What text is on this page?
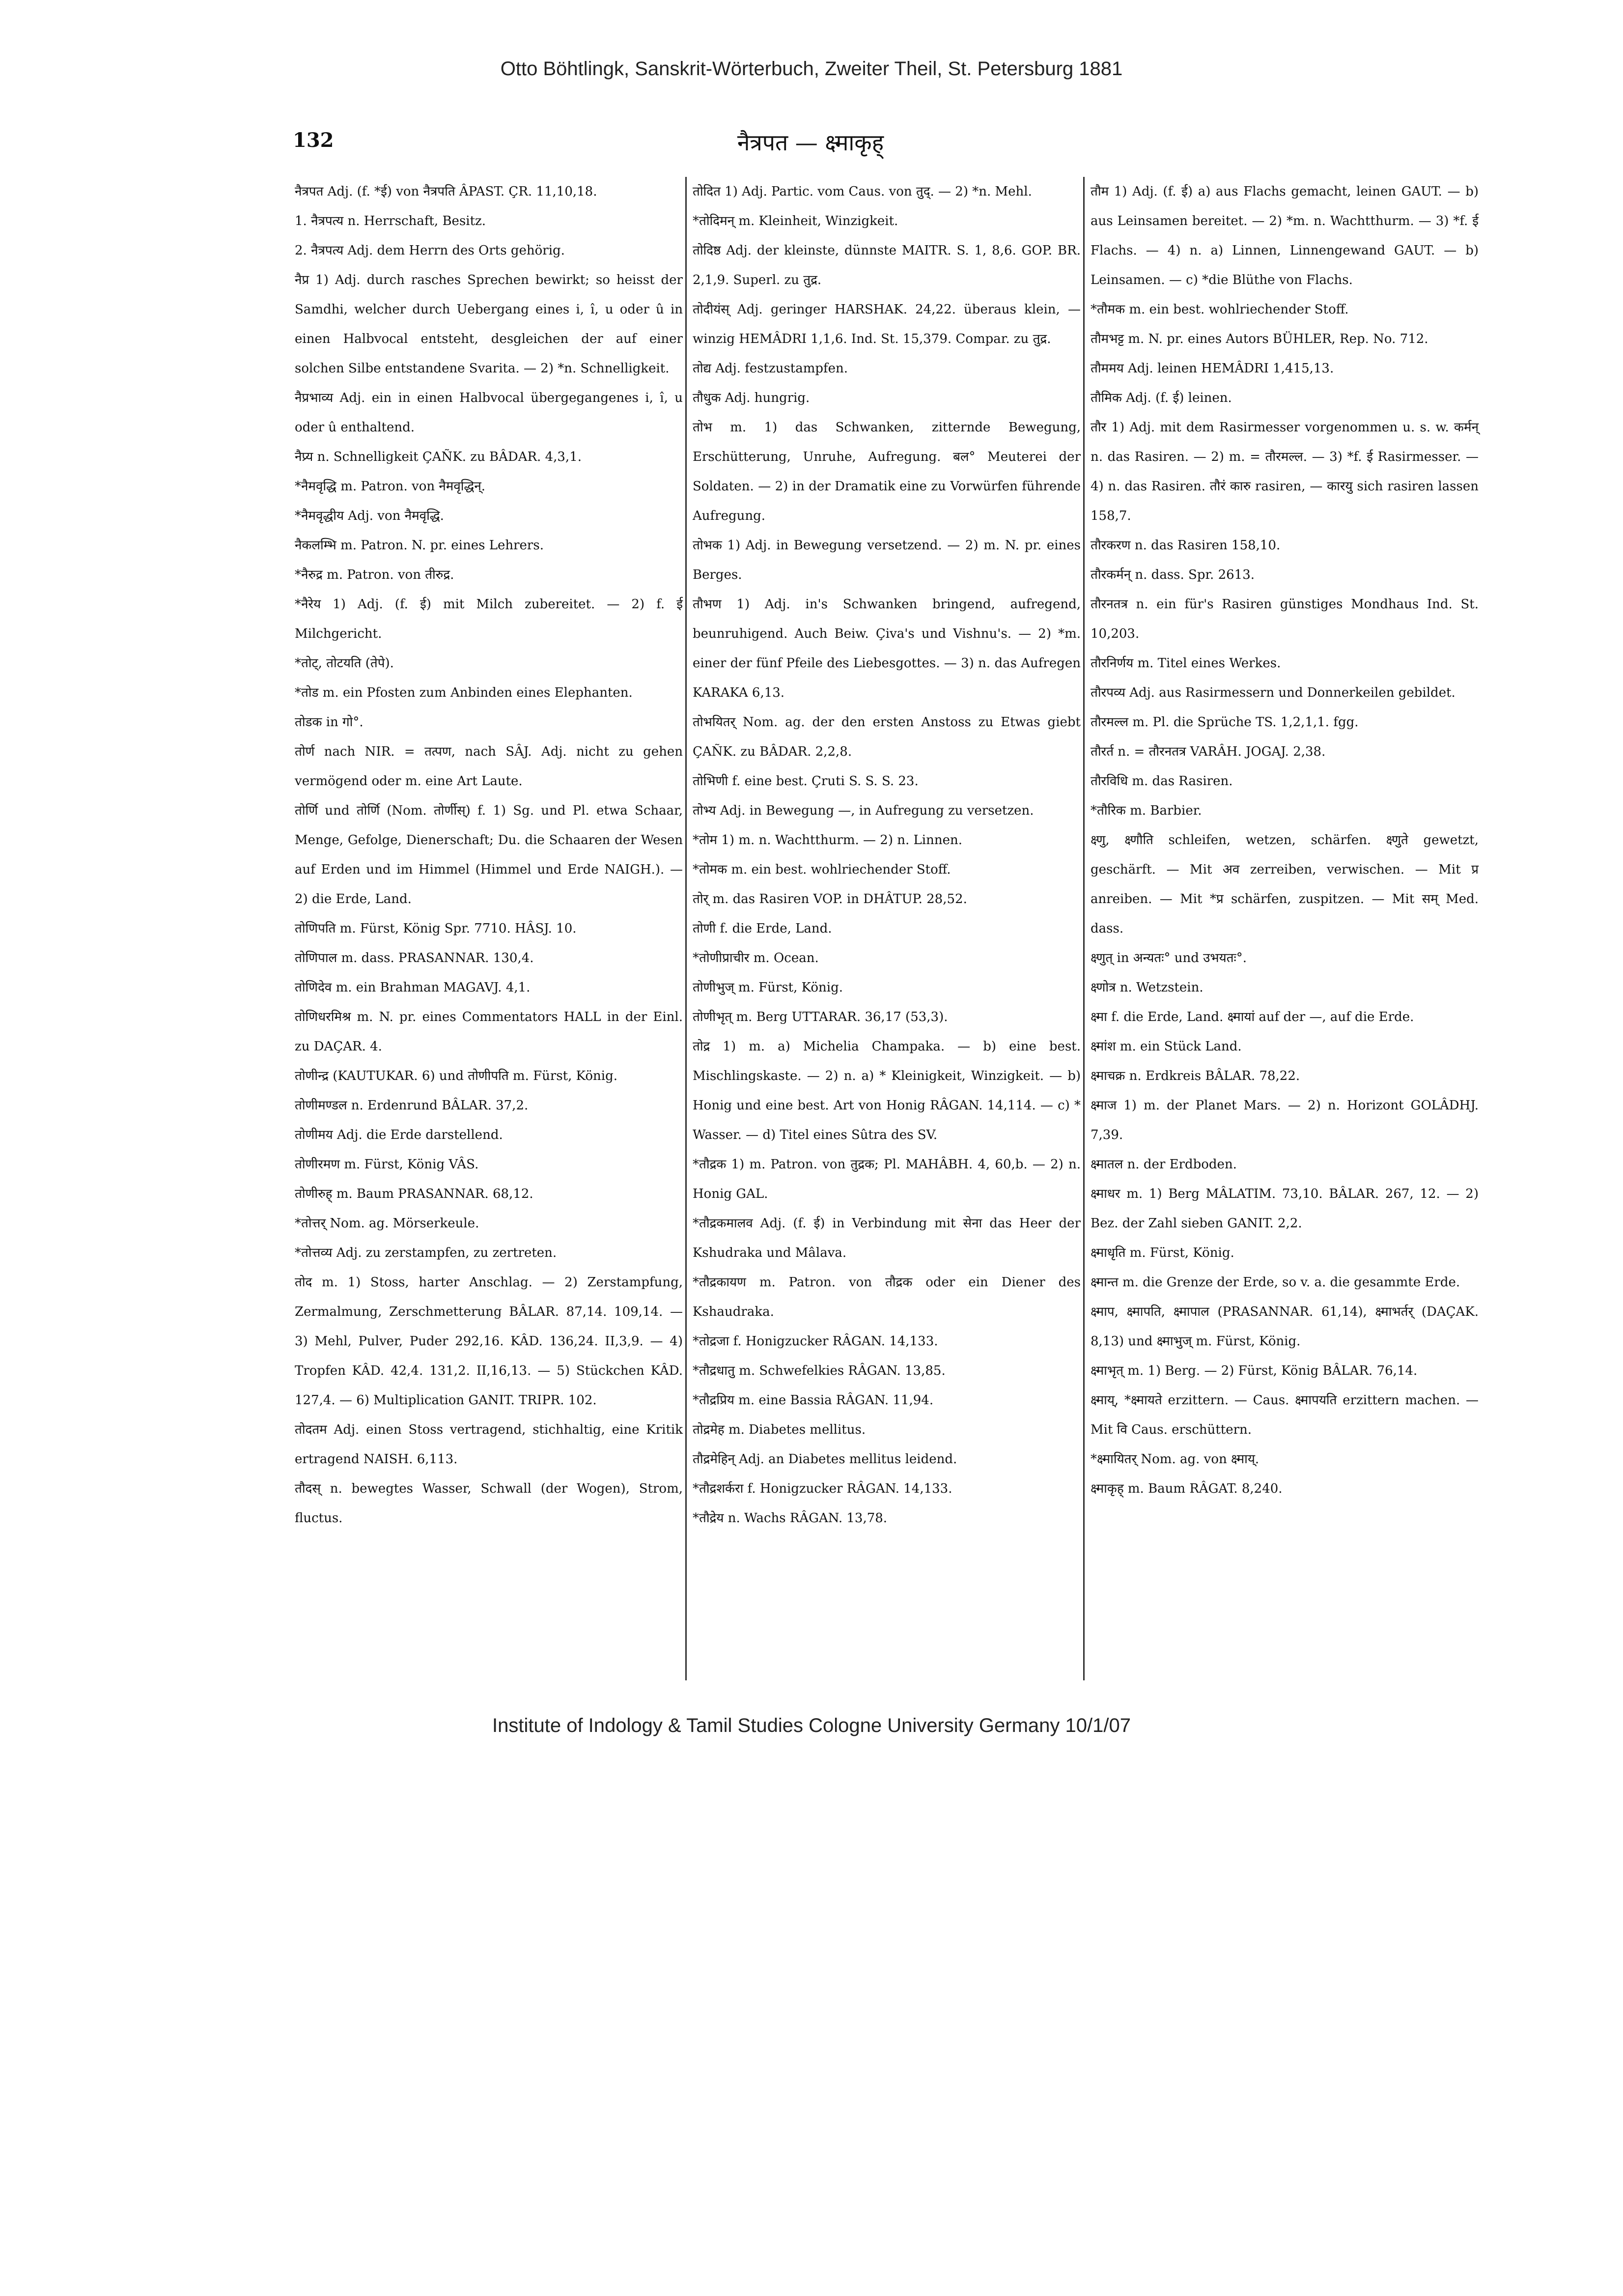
Otto Böhtlingk, Sanskrit-Wörterbuch, Zweiter Theil, St. Petersburg 1881
132	नैत्रपत — क्ष्माकृह्

नैत्रपत Adj. (f. *ई) von नैत्रपति ÂPAST. ÇR. 11,10,18.

1. नैत्रपत्य n. Herrschaft, Besitz.

2. नैत्रपत्य Adj. dem Herrn des Orts gehörig.

नैप्र 1) Adj. durch rasches Sprechen bewirkt; so heisst der Samdhi, welcher durch Uebergang eines i, î, u oder û in einen Halbvocal entsteht, desgleichen der auf einer solchen Silbe entstandene Svarita. — 2) *n. Schnelligkeit.

नैप्रभाव्य Adj. ein in einen Halbvocal übergegangenes i, î, u oder û enthaltend.

नैप्र्य n. Schnelligkeit ÇAÑK. zu BÂDAR. 4,3,1.

*नैमवृद्धि m. Patron. von नैमवृद्धिन्.

*नैमवृद्धीय Adj. von नैमवृद्धि.

नैकलम्भि m. Patron. N. pr. eines Lehrers.

*नैरुद्र m. Patron. von तीरुद्र.

*नैरेय 1) Adj. (f. ई) mit Milch zubereitet. — 2) f. ई Milchgericht.

*तोट्, तोटयति (तेपे).

*तोड m. ein Pfosten zum Anbinden eines Elephanten.

तोडक in गो°.

तोर्ण nach NIR. = तत्पण, nach SÂJ. Adj. nicht zu gehen vermögend oder m. eine Art Laute.

तोर्णि und तोर्णि (Nom. तोर्णीस्) f. 1) Sg. und Pl. etwa Schaar, Menge, Gefolge, Dienerschaft; Du. die Schaaren der Wesen auf Erden und im Himmel (Himmel und Erde NAIGH.). — 2) die Erde, Land.

तोणिपति m. Fürst, König Spr. 7710. HÂSJ. 10.

तोणिपाल m. dass. PRASANNAR. 130,4.

तोणिदेव m. ein Brahman MAGAVJ. 4,1.

तोणिधरमिश्र m. N. pr. eines Commentators HALL in der Einl. zu DAÇAR. 4.

तोणीन्द्र (KAUTUKAR. 6) und तोणीपति m. Fürst, König.

तोणीमण्डल n. Erdenrund BÂLAR. 37,2.

तोणीमय Adj. die Erde darstellend.

तोणीरमण m. Fürst, König VÂS.

तोणीरुह् m. Baum PRASANNAR. 68,12.

*तोत्तर् Nom. ag. Mörserkeule.

*तोत्तव्य Adj. zu zerstampfen, zu zertreten.

तोद m. 1) Stoss, harter Anschlag. — 2) Zerstampfung, Zermalmung, Zerschmetterung BÂLAR. 87,14. 109,14. — 3) Mehl, Pulver, Puder 292,16. KÂD. 136,24. II,3,9. — 4) Tropfen KÂD. 42,4. 131,2. II,16,13. — 5) Stückchen KÂD. 127,4. — 6) Multiplication GANIT. TRIPR. 102.

तोदतम Adj. einen Stoss vertragend, stichhaltig, eine Kritik ertragend NAISH. 6,113.

तौदस् n. bewegtes Wasser, Schwall (der Wogen), Strom, fluctus.

तोदित 1) Adj. Partic. vom Caus. von तुद्. — 2) *n. Mehl.

*तोदिमन् m. Kleinheit, Winzigkeit.

तोदिष्ठ Adj. der kleinste, dünnste MAITR. S. 1, 8,6. GOP. BR. 2,1,9. Superl. zu तुद्र.

तोदीयंस् Adj. geringer HARSHAK. 24,22. überaus klein, — winzig HEMÂDRI 1,1,6. Ind. St. 15,379. Compar. zu तुद्र.

तोद्य Adj. festzustampfen.

तौधुक Adj. hungrig.

तोभ m. 1) das Schwanken, zitternde Bewegung, Erschütterung, Unruhe, Aufregung. बल° Meuterei der Soldaten. — 2) in der Dramatik eine zu Vorwürfen führende Aufregung.

तोभक 1) Adj. in Bewegung versetzend. — 2) m. N. pr. eines Berges.

तौभण 1) Adj. in's Schwanken bringend, aufregend, beunruhigend. Auch Beiw. Çiva's und Vishnu's. — 2) *m. einer der fünf Pfeile des Liebesgottes. — 3) n. das Aufregen KARAKA 6,13.

तोभयितर् Nom. ag. der den ersten Anstoss zu Etwas giebt ÇAÑK. zu BÂDAR. 2,2,8.

तोभिणी f. eine best. Çruti S. S. S. 23.

तोभ्य Adj. in Bewegung —, in Aufregung zu versetzen.

*तोम 1) m. n. Wachtthurm. — 2) n. Linnen.

*तोमक m. ein best. wohlriechender Stoff.

तोर् m. das Rasiren VOP. in DHÂTUP. 28,52.

तोणी f. die Erde, Land.

*तोणीप्राचीर m. Ocean.

तोणीभुज् m. Fürst, König.

तोणीभृत् m. Berg UTTARAR. 36,17 (53,3).

तोद्र 1) m. a) Michelia Champaka. — b) eine best. Mischlingskaste. — 2) n. a) * Kleinigkeit, Winzigkeit. — b) Honig und eine best. Art von Honig RÂGAN. 14,114. — c) * Wasser. — d) Titel eines Sûtra des SV.

*तौद्रक 1) m. Patron. von तुद्रक; Pl. MAHÂBH. 4, 60,b. — 2) n. Honig GAL.

*तौद्रकमालव Adj. (f. ई) in Verbindung mit सेना das Heer der Kshudraka und Mâlava.

*तौद्रकायण m. Patron. von तौद्रक oder ein Diener des Kshaudraka.

*तोद्रजा f. Honigzucker RÂGAN. 14,133.

*तौद्रधातु m. Schwefelkies RÂGAN. 13,85.

*तौद्रप्रिय m. eine Bassia RÂGAN. 11,94.

तोद्रमेह m. Diabetes mellitus.

तौद्रमेहिन् Adj. an Diabetes mellitus leidend.

*तौद्रशर्करा f. Honigzucker RÂGAN. 14,133.

*तौद्रेय n. Wachs RÂGAN. 13,78.

तौम 1) Adj. (f. ई) a) aus Flachs gemacht, leinen GAUT. — b) aus Leinsamen bereitet. — 2) *m. n. Wachtthurm. — 3) *f. ई Flachs. — 4) n. a) Linnen, Linnengewand GAUT. — b) Leinsamen. — c) *die Blüthe von Flachs.

*तौमक m. ein best. wohlriechender Stoff.

तौमभट्ट m. N. pr. eines Autors BÜHLER, Rep. No. 712.

तौममय Adj. leinen HEMÂDRI 1,415,13.

तौमिक Adj. (f. ई) leinen.

तौर 1) Adj. mit dem Rasirmesser vorgenommen u. s. w. कर्मन् n. das Rasiren. — 2) m. = तौरमल्ल. — 3) *f. ई Rasirmesser. — 4) n. das Rasiren. तौरं कारु rasiren, — कारयु sich rasiren lassen 158,7.

तौरकरण n. das Rasiren 158,10.

तौरकर्मन् n. dass. Spr. 2613.

तौरनतत्र n. ein für's Rasiren günstiges Mondhaus Ind. St. 10,203.

तौरनिर्णय m. Titel eines Werkes.

तौरपव्य Adj. aus Rasirmessern und Donnerkeilen gebildet.

तौरमल्ल m. Pl. die Sprüche TS. 1,2,1,1. fgg.

तौरर्त n. = तौरनतत्र VARÂH. JOGAJ. 2,38.

तौरविधि m. das Rasiren.

*तौरिक m. Barbier.

क्ष्णु, क्ष्णौति schleifen, wetzen, schärfen. क्ष्णुते gewetzt, geschärft. — Mit अव zerreiben, verwischen. — Mit प्र anreiben. — Mit *प्र schärfen, zuspitzen. — Mit सम् Med. dass.

क्ष्णुत् in अन्यतः° und उभयतः°.

क्ष्णोत्र n. Wetzstein.

क्ष्मा f. die Erde, Land. क्ष्मायां auf der —, auf die Erde.

क्ष्मांश m. ein Stück Land.

क्ष्माचक्र n. Erdkreis BÂLAR. 78,22.

क्ष्माज 1) m. der Planet Mars. — 2) n. Horizont GOLÂDHJ. 7,39.

क्ष्मातल n. der Erdboden.

क्ष्माधर m. 1) Berg MÂLATIM. 73,10. BÂLAR. 267, 12. — 2) Bez. der Zahl sieben GANIT. 2,2.

क्ष्माधृति m. Fürst, König.

क्ष्मान्त m. die Grenze der Erde, so v. a. die gesammte Erde.

क्ष्माप, क्ष्मापति, क्ष्मापाल (PRASANNAR. 61,14), क्ष्माभर्तर् (DAÇAK. 8,13) und क्ष्माभुज् m. Fürst, König.

क्ष्माभृत् m. 1) Berg. — 2) Fürst, König BÂLAR. 76,14.

क्ष्माय्, *क्ष्मायते erzittern. — Caus. क्ष्मापयति erzittern machen. — Mit वि Caus. erschüttern.

*क्ष्मायितर् Nom. ag. von क्ष्माय्.

क्ष्माकृह् m. Baum RÂGAT. 8,240.

Institute of Indology & Tamil Studies Cologne University Germany 10/1/07
